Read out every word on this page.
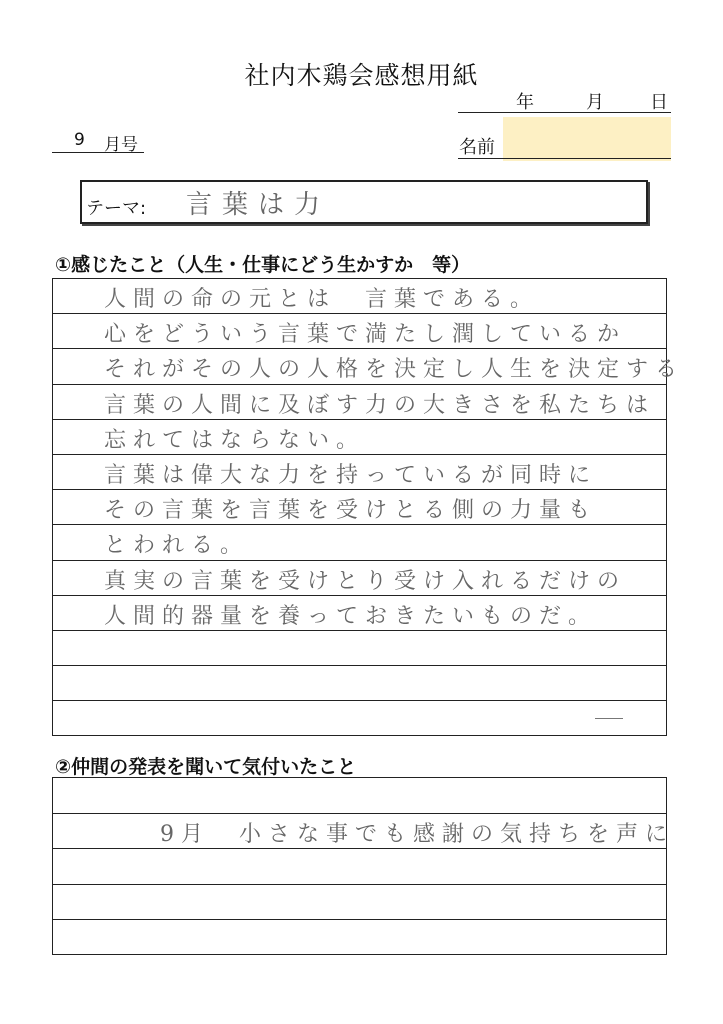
社内木鶏会感想用紙
年	月	日
9 月号	名前
テーマ: 言葉は力
①感じたこと（人生・仕事にどう生かすか　等）
人間の命の元とは　言葉である。
心をどういう言葉で満たし潤しているか
それがその人の人格を決定し人生を決定する
言葉の人間に及ぼす力の大きさを私たちは
忘れてはならない。
言葉は偉大な力を持っているが同時に
その言葉を言葉を受けとる側の力量も
とわれる。
真実の言葉を受けとり受け入れるだけの
人間的器量を養っておきたいものだ。
②仲間の発表を聞いて気付いたこと
9月　小さな事でも感謝の気持ちを声に
